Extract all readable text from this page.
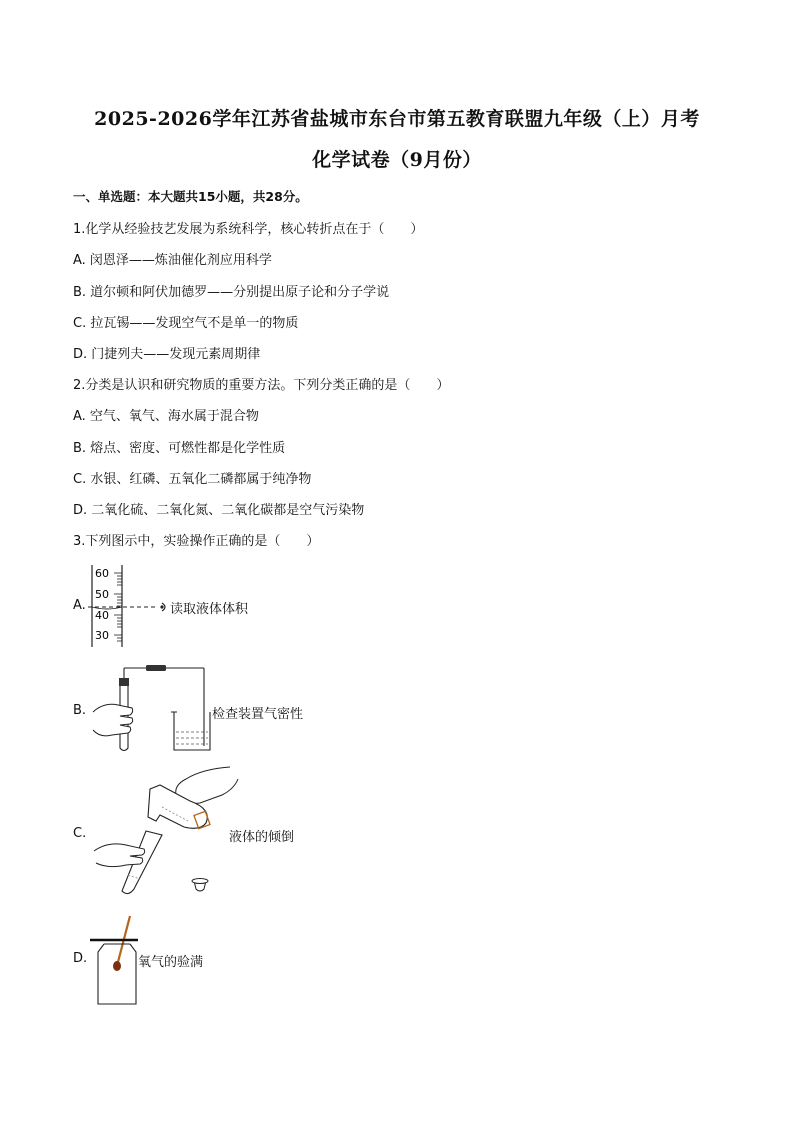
2025-2026学年江苏省盐城市东台市第五教育联盟九年级（上）月考
化学试卷（9月份）
一、单选题：本大题共15小题，共28分。
1.化学从经验技艺发展为系统科学，核心转折点在于（　　）
A. 闵恩泽——炼油催化剂应用科学
B. 道尔顿和阿伏加德罗——分别提出原子论和分子学说
C. 拉瓦锡——发现空气不是单一的物质
D. 门捷列夫——发现元素周期律
2.分类是认识和研究物质的重要方法。下列分类正确的是（　　）
A. 空气、氧气、海水属于混合物
B. 熔点、密度、可燃性都是化学性质
C. 水银、红磷、五氧化二磷都属于纯净物
D. 二氧化硫、二氧化氮、二氧化碳都是空气污染物
3.下列图示中，实验操作正确的是（　　）
A.
60
50
40
30
读取液体体积
B.	检查装置气密性
C.	液体的倾倒
D.	氧气的验满
